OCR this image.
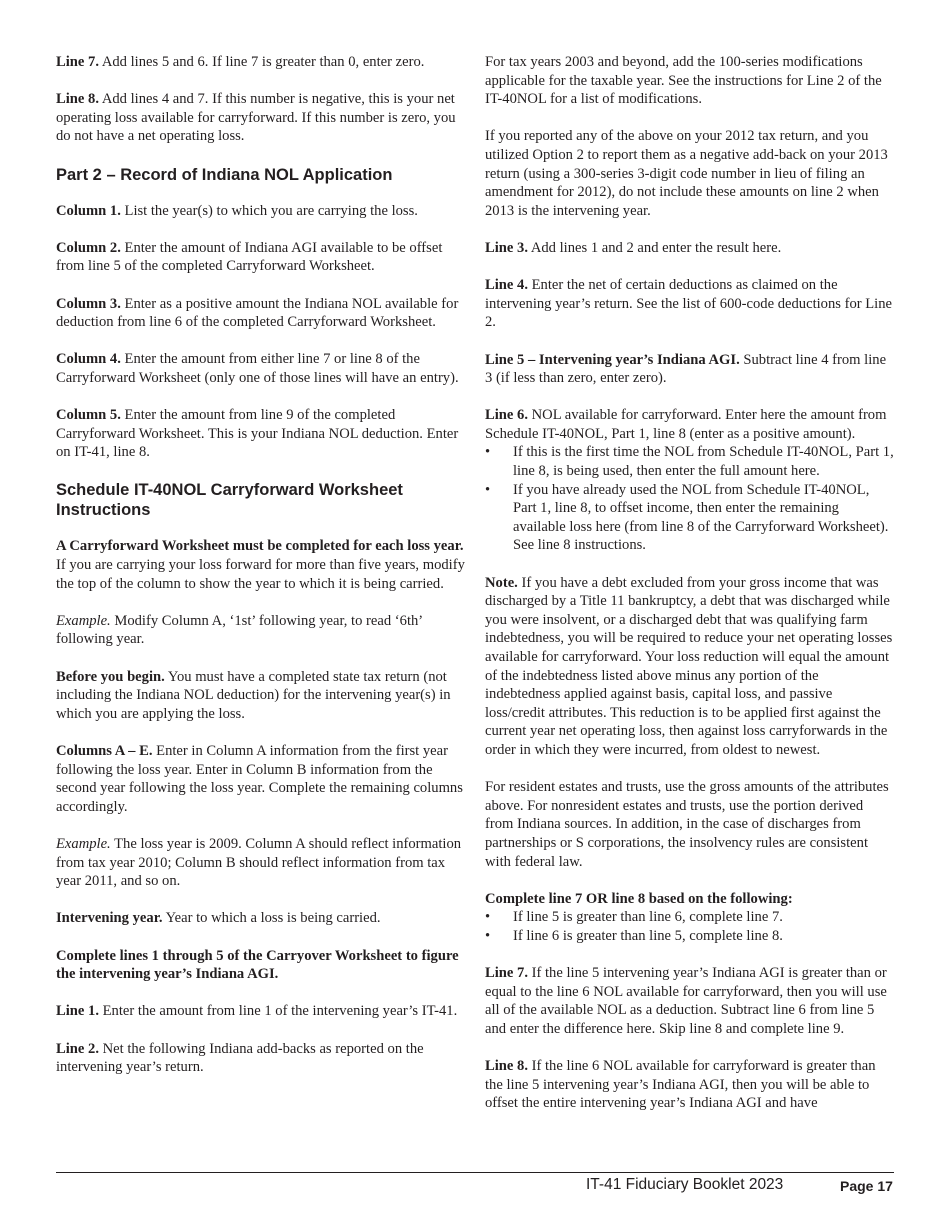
Line 7. Add lines 5 and 6. If line 7 is greater than 0, enter zero.

Line 8. Add lines 4 and 7. If this number is negative, this is your net operating loss available for carryforward. If this number is zero, you do not have a net operating loss.

Part 2 – Record of Indiana NOL Application

Column 1. List the year(s) to which you are carrying the loss.

Column 2. Enter the amount of Indiana AGI available to be offset from line 5 of the completed Carryforward Worksheet.

Column 3. Enter as a positive amount the Indiana NOL available for deduction from line 6 of the completed Carryforward Worksheet.

Column 4. Enter the amount from either line 7 or line 8 of the Carryforward Worksheet (only one of those lines will have an entry).

Column 5. Enter the amount from line 9 of the completed Carryforward Worksheet. This is your Indiana NOL deduction. Enter on IT-41, line 8.

Schedule IT-40NOL Carryforward Worksheet Instructions

A Carryforward Worksheet must be completed for each loss year. If you are carrying your loss forward for more than five years, modify the top of the column to show the year to which it is being carried.

Example. Modify Column A, ‘1st’ following year, to read ‘6th’ following year.

Before you begin. You must have a completed state tax return (not including the Indiana NOL deduction) for the intervening year(s) in which you are applying the loss.

Columns A – E. Enter in Column A information from the first year following the loss year. Enter in Column B information from the second year following the loss year. Complete the remaining columns accordingly.

Example. The loss year is 2009. Column A should reflect information from tax year 2010; Column B should reflect information from tax year 2011, and so on.

Intervening year. Year to which a loss is being carried.

Complete lines 1 through 5 of the Carryover Worksheet to figure the intervening year’s Indiana AGI.

Line 1. Enter the amount from line 1 of the intervening year’s IT-41.

Line 2. Net the following Indiana add-backs as reported on the intervening year’s return.

For tax years 2003 and beyond, add the 100-series modifications applicable for the taxable year. See the instructions for Line 2 of the IT-40NOL for a list of modifications.

If you reported any of the above on your 2012 tax return, and you utilized Option 2 to report them as a negative add-back on your 2013 return (using a 300-series 3-digit code number in lieu of filing an amendment for 2012), do not include these amounts on line 2 when 2013 is the intervening year.

Line 3. Add lines 1 and 2 and enter the result here.

Line 4. Enter the net of certain deductions as claimed on the intervening year’s return. See the list of 600-code deductions for Line 2.

Line 5 – Intervening year’s Indiana AGI. Subtract line 4 from line 3 (if less than zero, enter zero).

Line 6. NOL available for carryforward. Enter here the amount from Schedule IT-40NOL, Part 1, line 8 (enter as a positive amount).

• If this is the first time the NOL from Schedule IT-40NOL, Part 1, line 8, is being used, then enter the full amount here.
• If you have already used the NOL from Schedule IT-40NOL, Part 1, line 8, to offset income, then enter the remaining available loss here (from line 8 of the Carryforward Worksheet). See line 8 instructions.

Note. If you have a debt excluded from your gross income that was discharged by a Title 11 bankruptcy, a debt that was discharged while you were insolvent, or a discharged debt that was qualifying farm indebtedness, you will be required to reduce your net operating losses available for carryforward. Your loss reduction will equal the amount of the indebtedness listed above minus any portion of the indebtedness applied against basis, capital loss, and passive loss/credit attributes. This reduction is to be applied first against the current year net operating loss, then against loss carryforwards in the order in which they were incurred, from oldest to newest.

For resident estates and trusts, use the gross amounts of the attributes above. For nonresident estates and trusts, use the portion derived from Indiana sources. In addition, in the case of discharges from partnerships or S corporations, the insolvency rules are consistent with federal law.

Complete line 7 OR line 8 based on the following:

• If line 5 is greater than line 6, complete line 7.
• If line 6 is greater than line 5, complete line 8.

Line 7. If the line 5 intervening year’s Indiana AGI is greater than or equal to the line 6 NOL available for carryforward, then you will use all of the available NOL as a deduction. Subtract line 6 from line 5 and enter the difference here. Skip line 8 and complete line 9.

Line 8. If the line 6 NOL available for carryforward is greater than the line 5 intervening year’s Indiana AGI, then you will be able to offset the entire intervening year’s Indiana AGI and have

IT-41 Fiduciary Booklet 2023	Page 17
